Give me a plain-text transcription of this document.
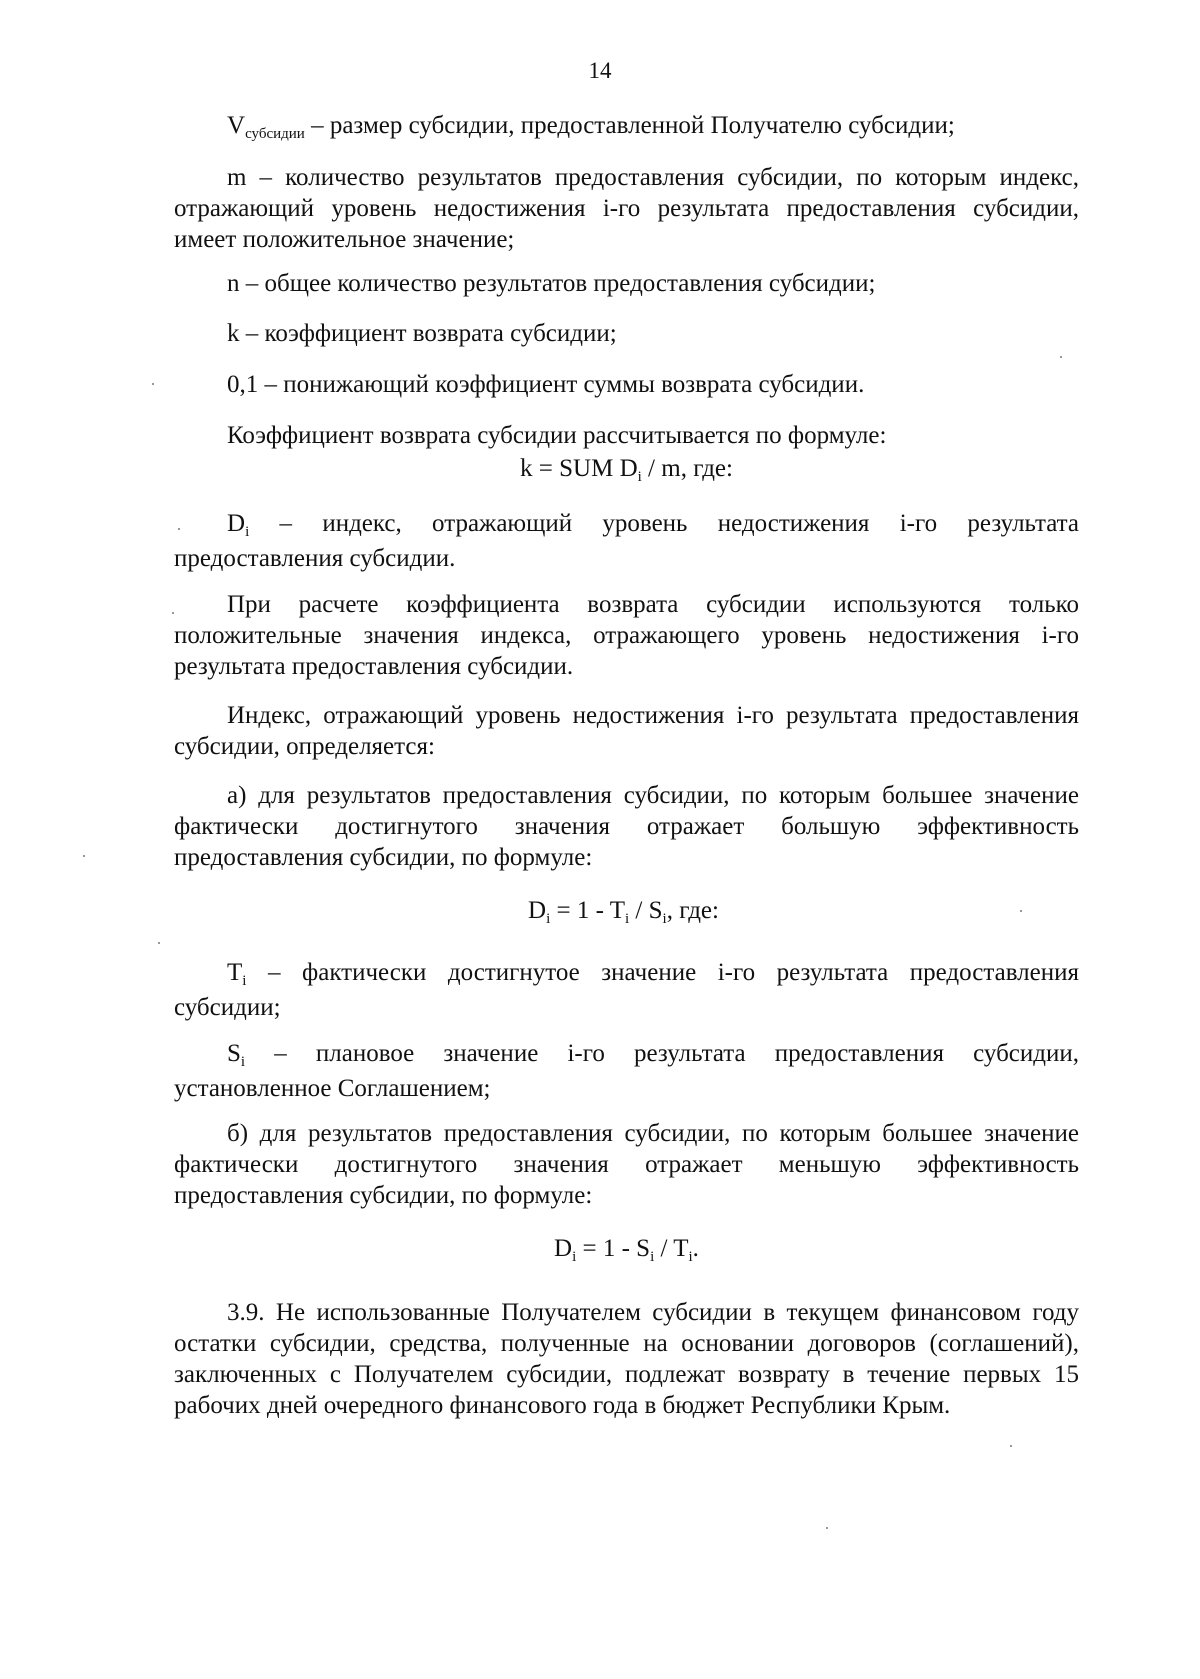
14
$V_{субсидии}$ – размер субсидии, предоставленной Получателю субсидии;
m – количество результатов предоставления субсидии, по которым индекс, отражающий уровень недостижения i-го результата предоставления субсидии, имеет положительное значение;
n – общее количество результатов предоставления субсидии;
k – коэффициент возврата субсидии;
0,1 – понижающий коэффициент суммы возврата субсидии.
Коэффициент возврата субсидии рассчитывается по формуле:
k = SUM $D_i$ / m, где:
$D_i$ – индекс, отражающий уровень недостижения i-го результата предоставления субсидии.
При расчете коэффициента возврата субсидии используются только положительные значения индекса, отражающего уровень недостижения i-го результата предоставления субсидии.
Индекс, отражающий уровень недостижения i-го результата предоставления субсидии, определяется:
а) для результатов предоставления субсидии, по которым большее значение фактически достигнутого значения отражает большую эффективность предоставления субсидии, по формуле:
$D_i = 1 - T_i / S_i$, где:
$T_i$ – фактически достигнутое значение i-го результата предоставления субсидии;
$S_i$ – плановое значение i-го результата предоставления субсидии, установленное Соглашением;
б) для результатов предоставления субсидии, по которым большее значение фактически достигнутого значения отражает меньшую эффективность предоставления субсидии, по формуле:
$D_i = 1 - S_i / T_i$.
3.9. Не использованные Получателем субсидии в текущем финансовом году остатки субсидии, средства, полученные на основании договоров (соглашений), заключенных с Получателем субсидии, подлежат возврату в течение первых 15 рабочих дней очередного финансового года в бюджет Республики Крым.
